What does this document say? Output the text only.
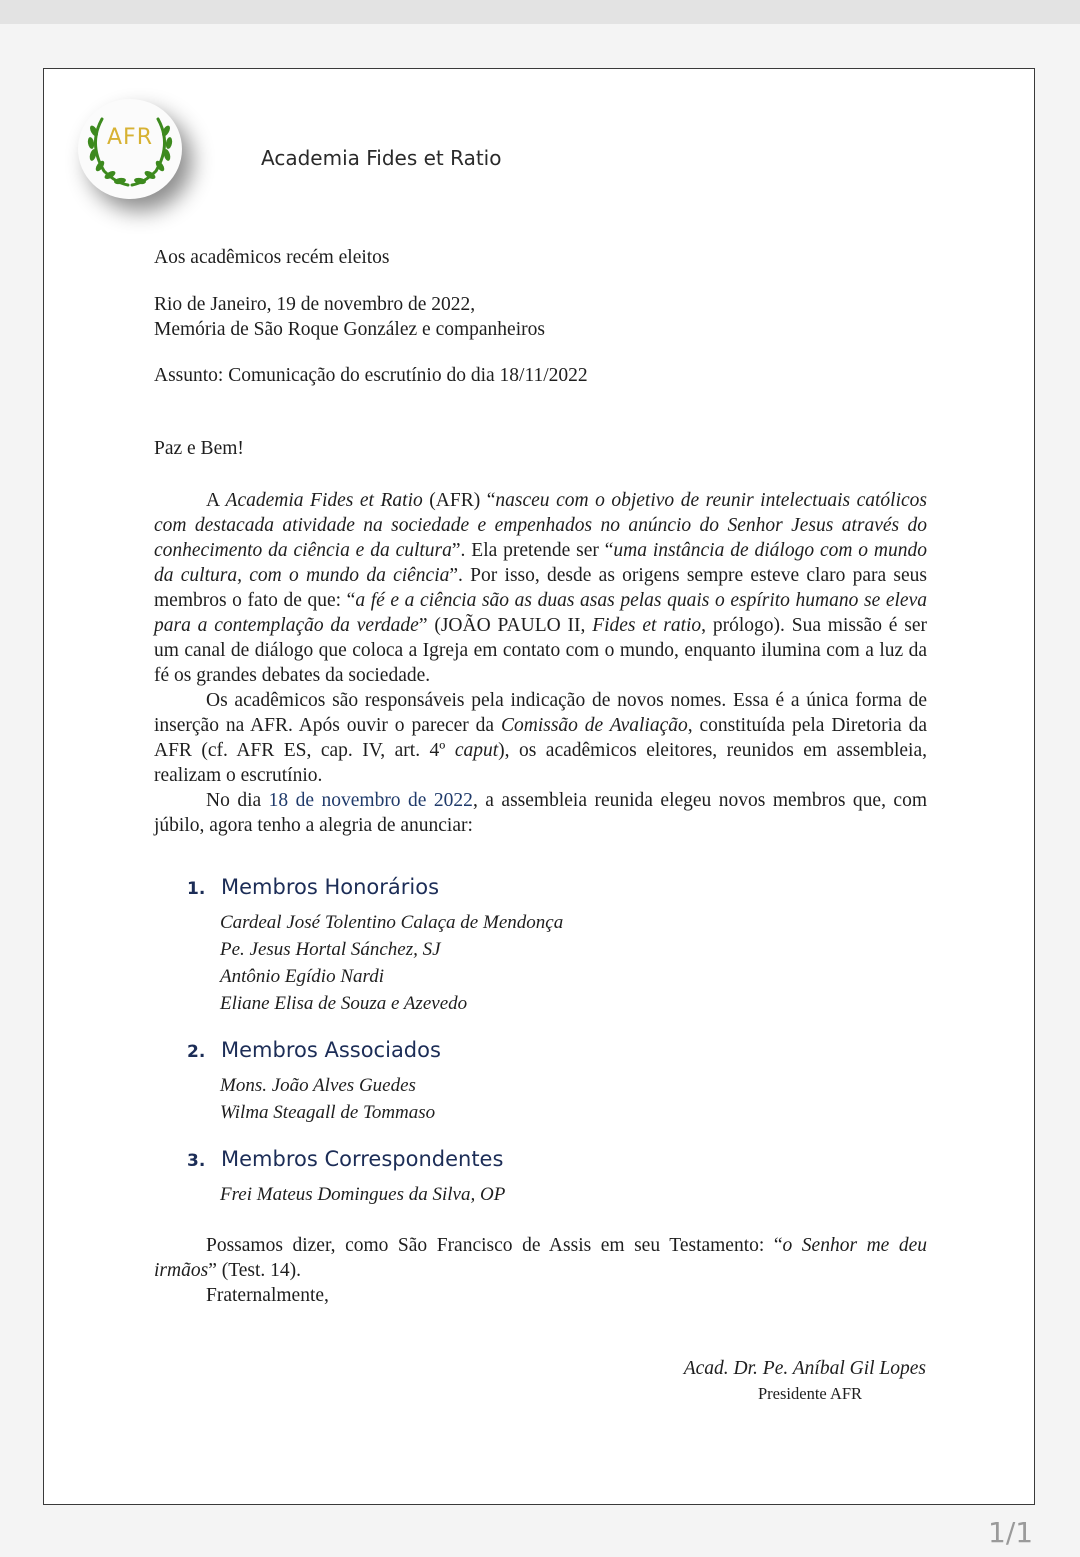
AFR
Academia Fides et Ratio

Aos acadêmicos recém eleitos

Rio de Janeiro, 19 de novembro de 2022,

Memória de São Roque González e companheiros

Assunto: Comunicação do escrutínio do dia 18/11/2022

Paz e Bem!

A Academia Fides et Ratio (AFR) “nasceu com o objetivo de reunir intelectuais católicos com destacada atividade na sociedade e empenhados no anúncio do Senhor Jesus através do conhecimento da ciência e da cultura”. Ela pretende ser “uma instância de diálogo com o mundo da cultura, com o mundo da ciência”. Por isso, desde as origens sempre esteve claro para seus membros o fato de que: “a fé e a ciência são as duas asas pelas quais o espírito humano se eleva para a contemplação da verdade” (JOÃO PAULO II, Fides et ratio, prólogo). Sua missão é ser um canal de diálogo que coloca a Igreja em contato com o mundo, enquanto ilumina com a luz da fé os grandes debates da sociedade.

Os acadêmicos são responsáveis pela indicação de novos nomes. Essa é a única forma de inserção na AFR. Após ouvir o parecer da Comissão de Avaliação, constituída pela Diretoria da AFR (cf. AFR ES, cap. IV, art. 4º caput), os acadêmicos eleitores, reunidos em assembleia, realizam o escrutínio.

No dia 18 de novembro de 2022, a assembleia reunida elegeu novos membros que, com júbilo, agora tenho a alegria de anunciar:

1. Membros Honorários
Cardeal José Tolentino Calaça de Mendonça
Pe. Jesus Hortal Sánchez, SJ
Antônio Egídio Nardi
Eliane Elisa de Souza e Azevedo
2. Membros Associados
Mons. João Alves Guedes
Wilma Steagall de Tommaso
3. Membros Correspondentes
Frei Mateus Domingues da Silva, OP

Possamos dizer, como São Francisco de Assis em seu Testamento: “o Senhor me deu irmãos” (Test. 14).

Fraternalmente,

Acad. Dr. Pe. Aníbal Gil Lopes
Presidente AFR
1/1
